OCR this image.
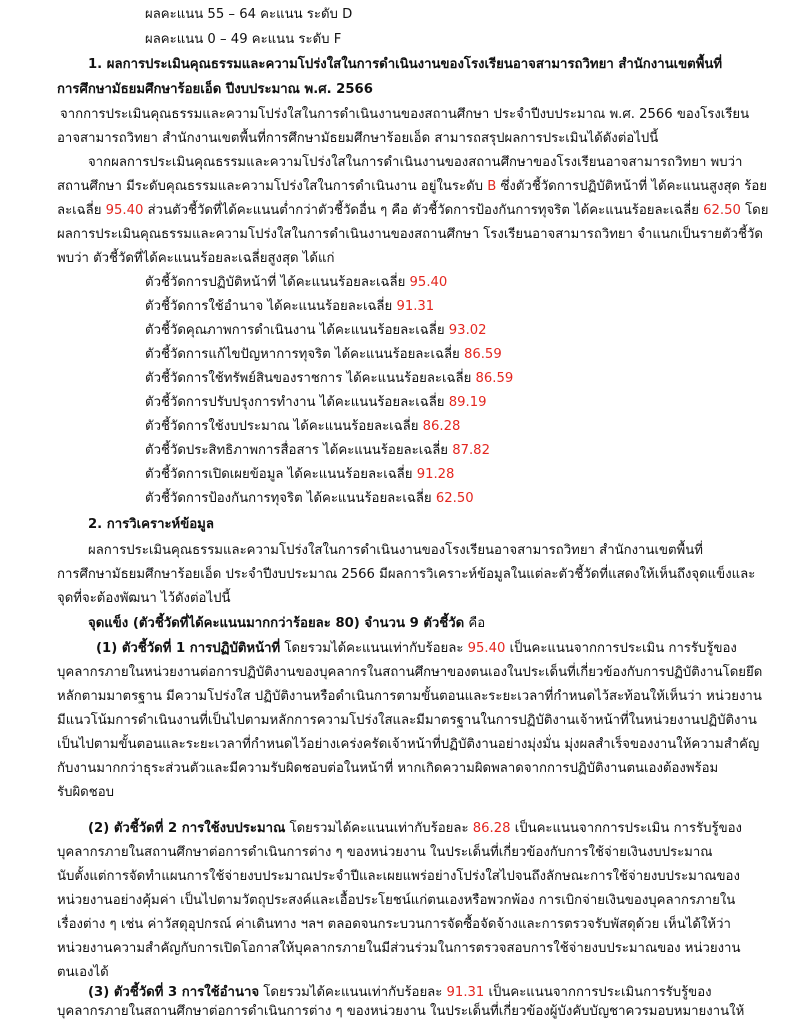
ผลคะแนน 55 – 64 คะแนน ระดับ D
ผลคะแนน 0 – 49 คะแนน ระดับ F
1. ผลการประเมินคุณธรรมและความโปร่งใสในการดำเนินงานของโรงเรียนอาจสามารถวิทยา สำนักงานเขตพื้นที่
การศึกษามัธยมศึกษาร้อยเอ็ด ปีงบประมาณ พ.ศ. 2566
จากการประเมินคุณธรรมและความโปร่งใสในการดำเนินงานของสถานศึกษา ประจำปีงบประมาณ พ.ศ. 2566 ของโรงเรียน
อาจสามารถวิทยา สำนักงานเขตพื้นที่การศึกษามัธยมศึกษาร้อยเอ็ด สามารถสรุปผลการประเมินได้ดังต่อไปนี้
จากผลการประเมินคุณธรรมและความโปร่งใสในการดำเนินงานของสถานศึกษาของโรงเรียนอาจสามารถวิทยา พบว่า
สถานศึกษา มีระดับคุณธรรมและความโปร่งใสในการดำเนินงาน อยู่ในระดับ B ซึ่งตัวชี้วัดการปฏิบัติหน้าที่ ได้คะแนนสูงสุด ร้อย
ละเฉลี่ย 95.40 ส่วนตัวชี้วัดที่ได้คะแนนต่ำกว่าตัวชี้วัดอื่น ๆ คือ ตัวชี้วัดการป้องกันการทุจริต ได้คะแนนร้อยละเฉลี่ย 62.50 โดย
ผลการประเมินคุณธรรมและความโปร่งใสในการดำเนินงานของสถานศึกษา โรงเรียนอาจสามารถวิทยา จำแนกเป็นรายตัวชี้วัด
พบว่า ตัวชี้วัดที่ได้คะแนนร้อยละเฉลี่ยสูงสุด ได้แก่
ตัวชี้วัดการปฏิบัติหน้าที่ ได้คะแนนร้อยละเฉลี่ย 95.40
ตัวชี้วัดการใช้อำนาจ ได้คะแนนร้อยละเฉลี่ย 91.31
ตัวชี้วัดคุณภาพการดำเนินงาน ได้คะแนนร้อยละเฉลี่ย 93.02
ตัวชี้วัดการแก้ไขปัญหาการทุจริต ได้คะแนนร้อยละเฉลี่ย 86.59
ตัวชี้วัดการใช้ทรัพย์สินของราชการ ได้คะแนนร้อยละเฉลี่ย 86.59
ตัวชี้วัดการปรับปรุงการทำงาน ได้คะแนนร้อยละเฉลี่ย 89.19
ตัวชี้วัดการใช้งบประมาณ ได้คะแนนร้อยละเฉลี่ย 86.28
ตัวชี้วัดประสิทธิภาพการสื่อสาร ได้คะแนนร้อยละเฉลี่ย 87.82
ตัวชี้วัดการเปิดเผยข้อมูล ได้คะแนนร้อยละเฉลี่ย 91.28
ตัวชี้วัดการป้องกันการทุจริต ได้คะแนนร้อยละเฉลี่ย 62.50
2. การวิเคราะห์ข้อมูล
ผลการประเมินคุณธรรมและความโปร่งใสในการดำเนินงานของโรงเรียนอาจสามารถวิทยา สำนักงานเขตพื้นที่
การศึกษามัธยมศึกษาร้อยเอ็ด ประจำปีงบประมาณ 2566 มีผลการวิเคราะห์ข้อมูลในแต่ละตัวชี้วัดที่แสดงให้เห็นถึงจุดแข็งและ
จุดที่จะต้องพัฒนา ไว้ดังต่อไปนี้
จุดแข็ง (ตัวชี้วัดที่ได้คะแนนมากกว่าร้อยละ 80) จำนวน 9 ตัวชี้วัด คือ
(1) ตัวชี้วัดที่ 1 การปฏิบัติหน้าที่ โดยรวมได้คะแนนเท่ากับร้อยละ 95.40 เป็นคะแนนจากการประเมิน การรับรู้ของ
บุคลากรภายในหน่วยงานต่อการปฏิบัติงานของบุคลากรในสถานศึกษาของตนเองในประเด็นที่เกี่ยวข้องกับการปฏิบัติงานโดยยึด
หลักตามมาตรฐาน มีความโปร่งใส ปฏิบัติงานหรือดำเนินการตามขั้นตอนและระยะเวลาที่กำหนดไว้สะท้อนให้เห็นว่า หน่วยงาน
มีแนวโน้มการดำเนินงานที่เป็นไปตามหลักการความโปร่งใสและมีมาตรฐานในการปฏิบัติงานเจ้าหน้าที่ในหน่วยงานปฏิบัติงาน
เป็นไปตามขั้นตอนและระยะเวลาที่กำหนดไว้อย่างเคร่งครัดเจ้าหน้าที่ปฏิบัติงานอย่างมุ่งมั่น มุ่งผลสำเร็จของงานให้ความสำคัญ
กับงานมากกว่าธุระส่วนตัวและมีความรับผิดชอบต่อในหน้าที่ หากเกิดความผิดพลาดจากการปฏิบัติงานตนเองต้องพร้อม
รับผิดชอบ
(2) ตัวชี้วัดที่ 2 การใช้งบประมาณ โดยรวมได้คะแนนเท่ากับร้อยละ 86.28 เป็นคะแนนจากการประเมิน การรับรู้ของ
บุคลากรภายในสถานศึกษาต่อการดำเนินการต่าง ๆ ของหน่วยงาน ในประเด็นที่เกี่ยวข้องกับการใช้จ่ายเงินงบประมาณ
นับตั้งแต่การจัดทำแผนการใช้จ่ายงบประมาณประจำปีและเผยแพร่อย่างโปร่งใสไปจนถึงลักษณะการใช้จ่ายงบประมาณของ
หน่วยงานอย่างคุ้มค่า เป็นไปตามวัตถุประสงค์และเอื้อประโยชน์แก่ตนเองหรือพวกพ้อง การเบิกจ่ายเงินของบุคลากรภายใน
เรื่องต่าง ๆ เช่น ค่าวัสดุอุปกรณ์ ค่าเดินทาง ฯลฯ ตลอดจนกระบวนการจัดซื้อจัดจ้างและการตรวจรับพัสดุด้วย เห็นได้ให้ว่า
หน่วยงานความสำคัญกับการเปิดโอกาสให้บุคลากรภายในมีส่วนร่วมในการตรวจสอบการใช้จ่ายงบประมาณของ หน่วยงาน
ตนเองได้
(3) ตัวชี้วัดที่ 3 การใช้อำนาจ โดยรวมได้คะแนนเท่ากับร้อยละ 91.31 เป็นคะแนนจากการประเมินการรับรู้ของ
บุคลากรภายในสถานศึกษาต่อการดำเนินการต่าง ๆ ของหน่วยงาน ในประเด็นที่เกี่ยวข้องผู้บังคับบัญชาควรมอบหมายงานให้
